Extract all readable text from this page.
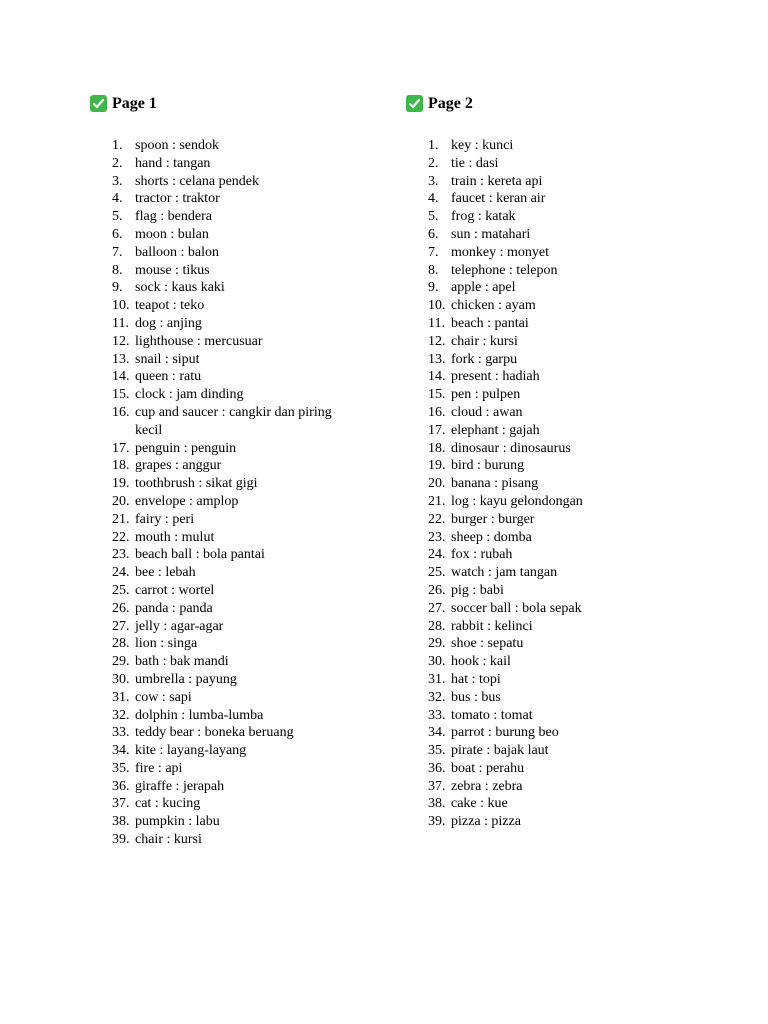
Page 1
1. spoon : sendok
2. hand : tangan
3. shorts : celana pendek
4. tractor : traktor
5. flag : bendera
6. moon : bulan
7. balloon : balon
8. mouse : tikus
9. sock : kaus kaki
10. teapot : teko
11. dog : anjing
12. lighthouse : mercusuar
13. snail : siput
14. queen : ratu
15. clock : jam dinding
16. cup and saucer : cangkir dan piring kecil
17. penguin : penguin
18. grapes : anggur
19. toothbrush : sikat gigi
20. envelope : amplop
21. fairy : peri
22. mouth : mulut
23. beach ball : bola pantai
24. bee : lebah
25. carrot : wortel
26. panda : panda
27. jelly : agar-agar
28. lion : singa
29. bath : bak mandi
30. umbrella : payung
31. cow : sapi
32. dolphin : lumba-lumba
33. teddy bear : boneka beruang
34. kite : layang-layang
35. fire : api
36. giraffe : jerapah
37. cat : kucing
38. pumpkin : labu
39. chair : kursi
Page 2
1. key : kunci
2. tie : dasi
3. train : kereta api
4. faucet : keran air
5. frog : katak
6. sun : matahari
7. monkey : monyet
8. telephone : telepon
9. apple : apel
10. chicken : ayam
11. beach : pantai
12. chair : kursi
13. fork : garpu
14. present : hadiah
15. pen : pulpen
16. cloud : awan
17. elephant : gajah
18. dinosaur : dinosaurus
19. bird : burung
20. banana : pisang
21. log : kayu gelondongan
22. burger : burger
23. sheep : domba
24. fox : rubah
25. watch : jam tangan
26. pig : babi
27. soccer ball : bola sepak
28. rabbit : kelinci
29. shoe : sepatu
30. hook : kail
31. hat : topi
32. bus : bus
33. tomato : tomat
34. parrot : burung beo
35. pirate : bajak laut
36. boat : perahu
37. zebra : zebra
38. cake : kue
39. pizza : pizza
